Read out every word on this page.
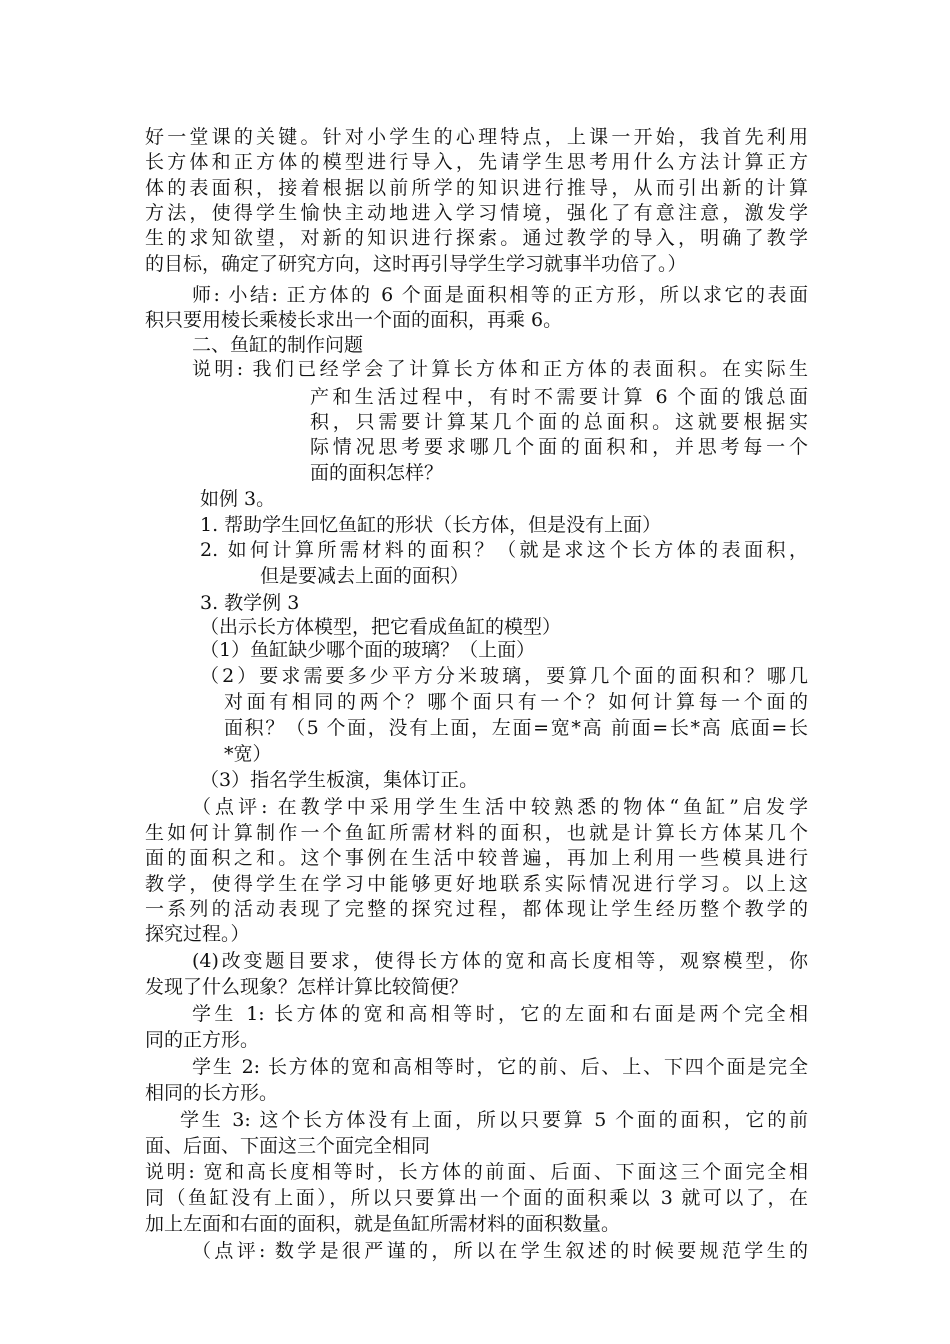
好一堂课的关键。针对小学生的心理特点，上课一开始，我首先利用
长方体和正方体的模型进行导入，先请学生思考用什么方法计算正方
体的表面积，接着根据以前所学的知识进行推导，从而引出新的计算
方法，使得学生愉快主动地进入学习情境，强化了有意注意，激发学
生的求知欲望，对新的知识进行探索。通过教学的导入，明确了教学
的目标，确定了研究方向，这时再引导学生学习就事半功倍了。）
师: 小结: 正方体的 6 个面是面积相等的正方形，所以求它的表面
积只要用棱长乘棱长求出一个面的面积，再乘 6。
二、鱼缸的制作问题
说明: 我们已经学会了计算长方体和正方体的表面积。在实际生
产和生活过程中，有时不需要计算 6 个面的饿总面
积，只需要计算某几个面的总面积。这就要根据实
际情况思考要求哪几个面的面积和，并思考每一个
面的面积怎样？
如例 3。
1. 帮助学生回忆鱼缸的形状（长方体，但是没有上面）
2. 如何计算所需材料的面积？（就是求这个长方体的表面积，
但是要减去上面的面积）
3. 教学例 3
（出示长方体模型，把它看成鱼缸的模型）
（1）鱼缸缺少哪个面的玻璃？（上面）
（2）要求需要多少平方分米玻璃，要算几个面的面积和？哪几
对面有相同的两个？哪个面只有一个？如何计算每一个面的
面积？（5 个面，没有上面，左面=宽*高 前面=长*高 底面=长
*宽）
（3）指名学生板演，集体订正。
（点评: 在教学中采用学生生活中较熟悉的物体“鱼缸”启发学
生如何计算制作一个鱼缸所需材料的面积，也就是计算长方体某几个
面的面积之和。这个事例在生活中较普遍，再加上利用一些模具进行
教学，使得学生在学习中能够更好地联系实际情况进行学习。以上这
一系列的活动表现了完整的探究过程，都体现让学生经历整个教学的
探究过程。）
(4)改变题目要求，使得长方体的宽和高长度相等，观察模型，你
发现了什么现象？怎样计算比较简便？
学生 1: 长方体的宽和高相等时，它的左面和右面是两个完全相
同的正方形。
学生 2: 长方体的宽和高相等时，它的前、后、上、下四个面是完全
相同的长方形。
学生 3: 这个长方体没有上面，所以只要算 5 个面的面积，它的前
面、后面、下面这三个面完全相同
说明: 宽和高长度相等时，长方体的前面、后面、下面这三个面完全相
同（鱼缸没有上面），所以只要算出一个面的面积乘以 3 就可以了，在
加上左面和右面的面积，就是鱼缸所需材料的面积数量。
（点评: 数学是很严谨的，所以在学生叙述的时候要规范学生的
